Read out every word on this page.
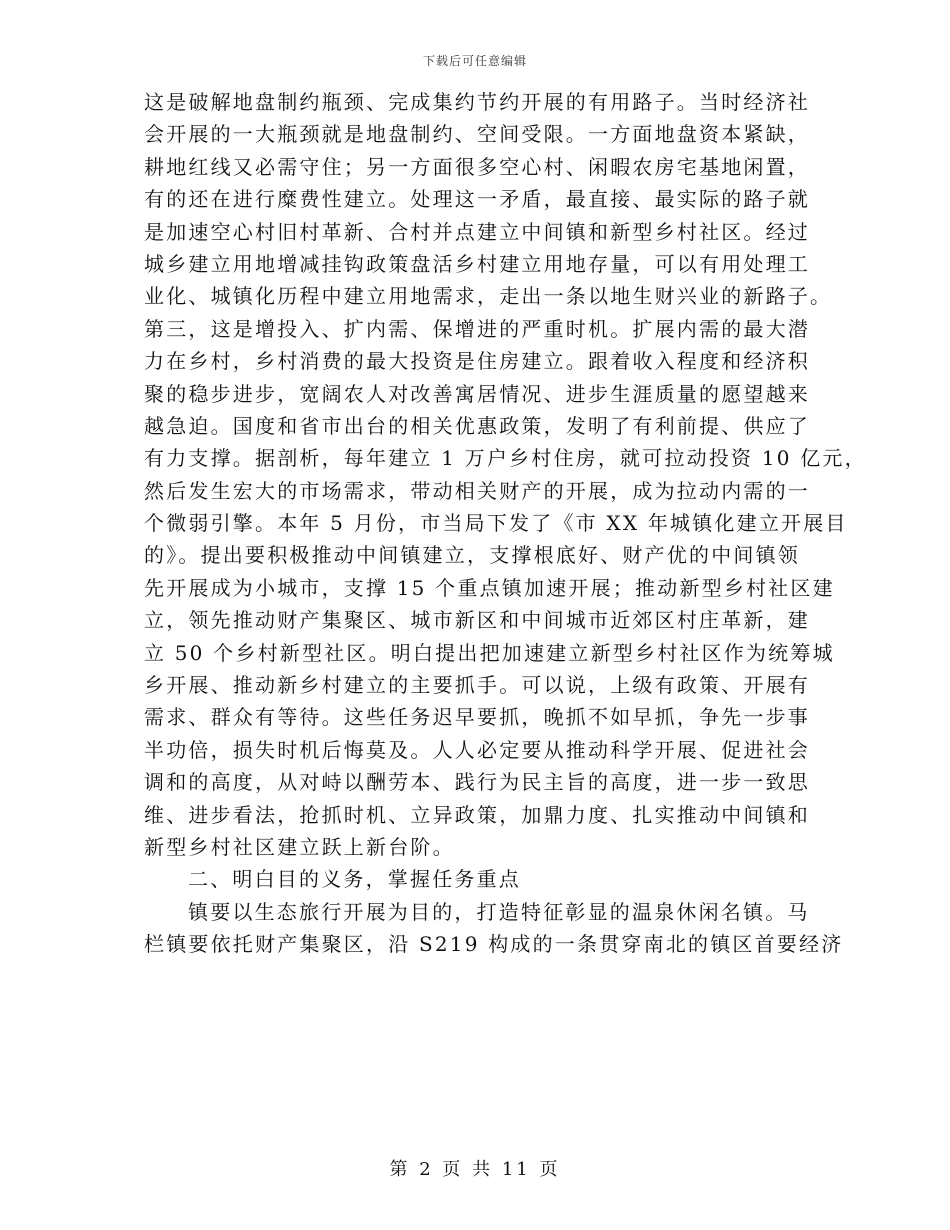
下载后可任意编辑
这是破解地盘制约瓶颈、完成集约节约开展的有用路子。当时经济社
会开展的一大瓶颈就是地盘制约、空间受限。一方面地盘资本紧缺，
耕地红线又必需守住；另一方面很多空心村、闲暇农房宅基地闲置，
有的还在进行糜费性建立。处理这一矛盾，最直接、最实际的路子就
是加速空心村旧村革新、合村并点建立中间镇和新型乡村社区。经过
城乡建立用地增减挂钩政策盘活乡村建立用地存量，可以有用处理工
业化、城镇化历程中建立用地需求，走出一条以地生财兴业的新路子。
第三，这是增投入、扩内需、保增进的严重时机。扩展内需的最大潜
力在乡村，乡村消费的最大投资是住房建立。跟着收入程度和经济积
聚的稳步进步，宽阔农人对改善寓居情况、进步生涯质量的愿望越来
越急迫。国度和省市出台的相关优惠政策，发明了有利前提、供应了
有力支撑。据剖析，每年建立 1 万户乡村住房，就可拉动投资 10 亿元，
然后发生宏大的市场需求，带动相关财产的开展，成为拉动内需的一
个微弱引擎。本年 5 月份，市当局下发了《市 XX 年城镇化建立开展目
的》。提出要积极推动中间镇建立，支撑根底好、财产优的中间镇领
先开展成为小城市，支撑 15 个重点镇加速开展；推动新型乡村社区建
立，领先推动财产集聚区、城市新区和中间城市近郊区村庄革新，建
立 50 个乡村新型社区。明白提出把加速建立新型乡村社区作为统筹城
乡开展、推动新乡村建立的主要抓手。可以说，上级有政策、开展有
需求、群众有等待。这些任务迟早要抓，晚抓不如早抓，争先一步事
半功倍，损失时机后悔莫及。人人必定要从推动科学开展、促进社会
调和的高度，从对峙以酬劳本、践行为民主旨的高度，进一步一致思
维、进步看法，抢抓时机、立异政策，加鼎力度、扎实推动中间镇和
新型乡村社区建立跃上新台阶。
二、明白目的义务，掌握任务重点
镇要以生态旅行开展为目的，打造特征彰显的温泉休闲名镇。马
栏镇要依托财产集聚区，沿 S219 构成的一条贯穿南北的镇区首要经济
第 2 页 共 11 页
